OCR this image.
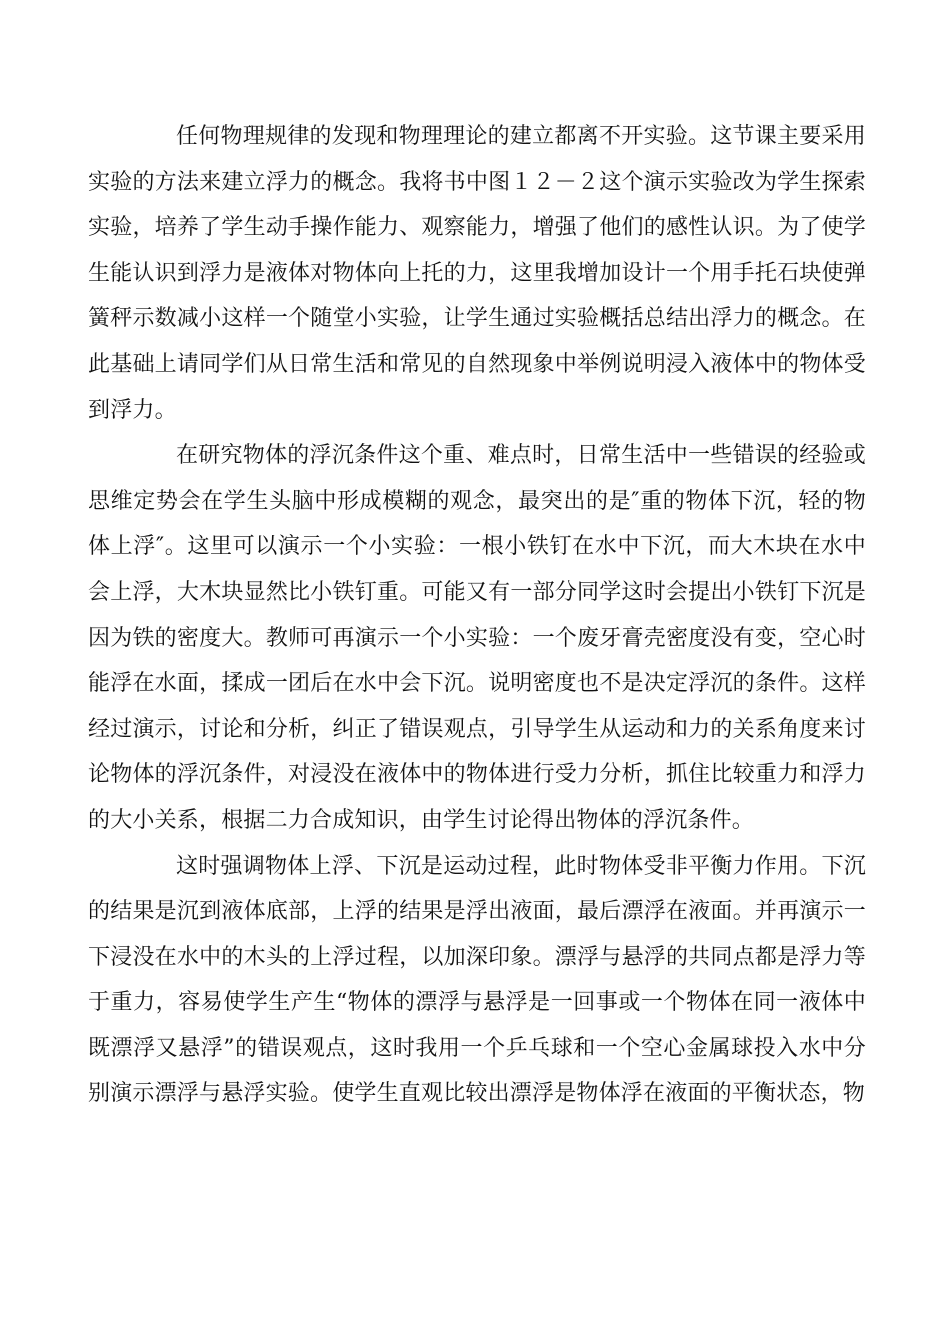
任何物理规律的发现和物理理论的建立都离不开实验。这节课主要采用实验的方法来建立浮力的概念。我将书中图１２－２这个演示实验改为学生探索实验，培养了学生动手操作能力、观察能力，增强了他们的感性认识。为了使学生能认识到浮力是液体对物体向上托的力，这里我增加设计一个用手托石块使弹簧秤示数减小这样一个随堂小实验，让学生通过实验概括总结出浮力的概念。在此基础上请同学们从日常生活和常见的自然现象中举例说明浸入液体中的物体受到浮力。

在研究物体的浮沉条件这个重、难点时，日常生活中一些错误的经验或思维定势会在学生头脑中形成模糊的观念，最突出的是″重的物体下沉，轻的物体上浮″。这里可以演示一个小实验：一根小铁钉在水中下沉，而大木块在水中会上浮，大木块显然比小铁钉重。可能又有一部分同学这时会提出小铁钉下沉是因为铁的密度大。教师可再演示一个小实验：一个废牙膏壳密度没有变，空心时能浮在水面，揉成一团后在水中会下沉。说明密度也不是决定浮沉的条件。这样经过演示，讨论和分析，纠正了错误观点，引导学生从运动和力的关系角度来讨论物体的浮沉条件，对浸没在液体中的物体进行受力分析，抓住比较重力和浮力的大小关系，根据二力合成知识，由学生讨论得出物体的浮沉条件。

这时强调物体上浮、下沉是运动过程，此时物体受非平衡力作用。下沉的结果是沉到液体底部，上浮的结果是浮出液面，最后漂浮在液面。并再演示一下浸没在水中的木头的上浮过程，以加深印象。漂浮与悬浮的共同点都是浮力等于重力，容易使学生产生“物体的漂浮与悬浮是一回事或一个物体在同一液体中既漂浮又悬浮”的错误观点，这时我用一个乒乓球和一个空心金属球投入水中分别演示漂浮与悬浮实验。使学生直观比较出漂浮是物体浮在液面的平衡状态，物
